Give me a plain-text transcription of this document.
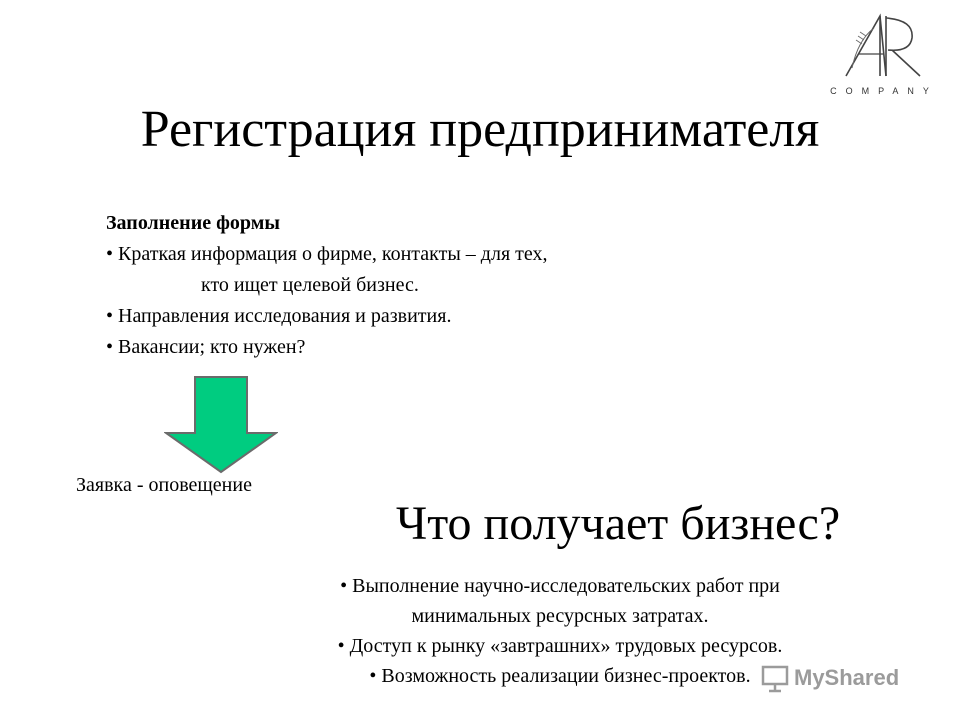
COMPANY
Регистрация предпринимателя
Заполнение формы
• Краткая информация о фирме, контакты – для тех,
кто ищет целевой бизнес.
• Направления исследования и развития.
• Вакансии; кто нужен?
Заявка - оповещение
Что получает бизнес?
• Выполнение научно-исследовательских работ при
минимальных ресурсных затратах.
• Доступ к рынку «завтрашних» трудовых ресурсов.
• Возможность реализации бизнес-проектов.	MyShared
